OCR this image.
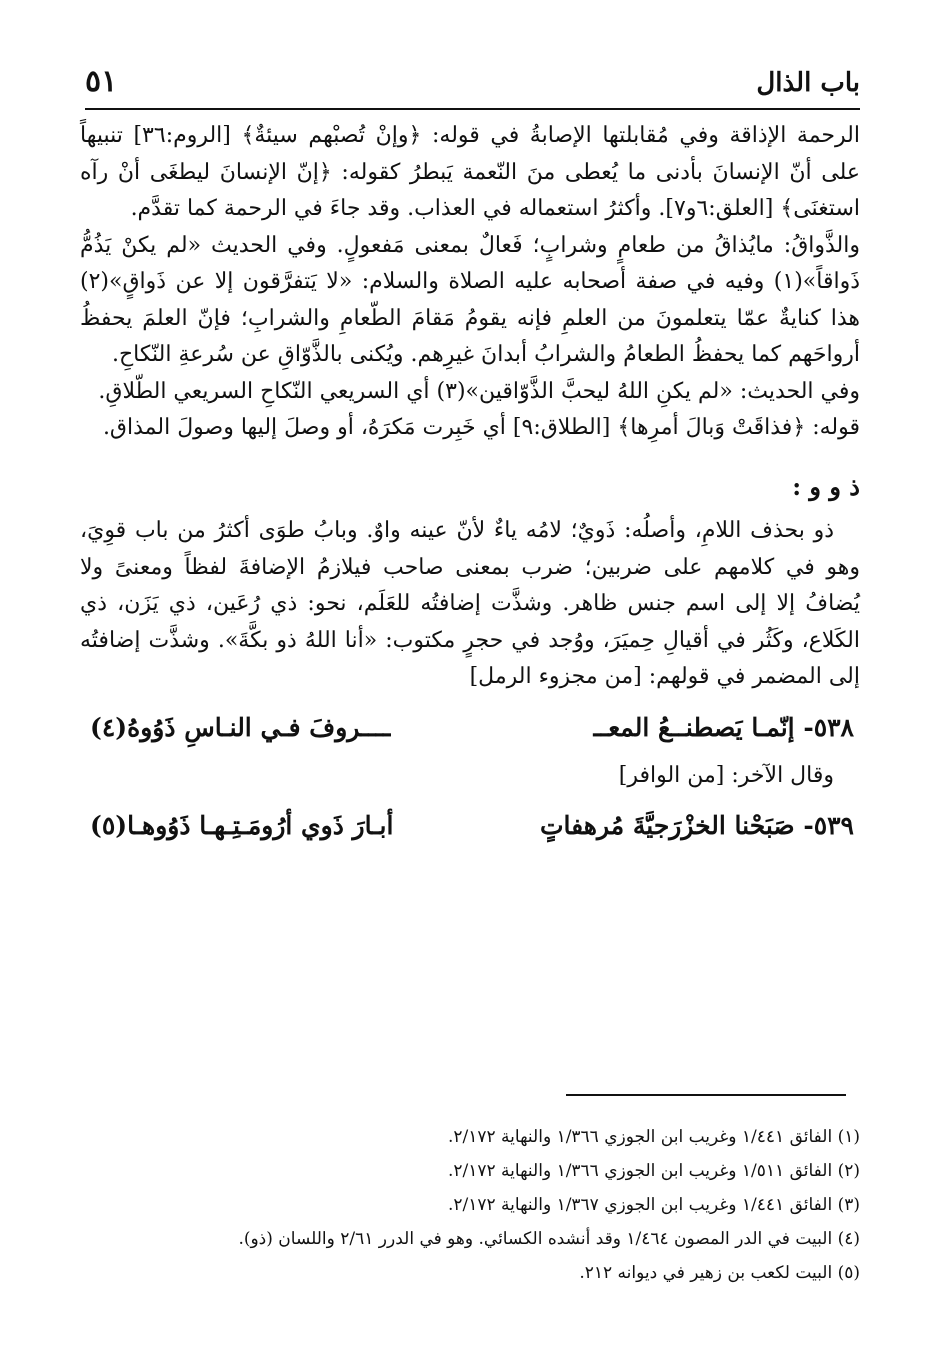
باب الذال
٥١

الرحمة الإذاقة وفي مُقابلتها الإصابةُ في قوله: ﴿وإنْ تُصبْهم سيئةٌ﴾ [الروم:٣٦] تنبيهاً على أنّ الإنسانَ بأدنى ما يُعطى منَ النّعمة يَبطرُ كقوله: ﴿إنّ الإنسانَ ليطغَى أنْ رآه استغنَى﴾ [العلق:٦و٧]. وأكثرُ استعماله في العذاب. وقد جاءَ في الرحمة كما تقدَّم.

والذَّواقُ: مايُذاقُ من طعامٍ وشرابٍ؛ فَعالٌ بمعنى مَفعولٍ. وفي الحديث «لم يكنْ يَذُمُّ ذَواقاً»(١) وفيه في صفة أصحابه عليه الصلاة والسلام: «لا يَتفرَّقون إلا عن ذَواقٍ»(٢) هذا كنايةٌ عمّا يتعلمونَ من العلمِ فإنه يقومُ مَقامَ الطّعامِ والشرابِ؛ فإنّ العلمَ يحفظُ أرواحَهم كما يحفظُ الطعامُ والشرابُ أبدانَ غيرِهم. ويُكنى بالذَّوّاقِ عن سُرعةِ النّكاحِ.

وفي الحديث: «لم يكنِ اللهُ ليحبَّ الذَّوّاقين»(٣) أي السريعي النّكاحِ السريعي الطّلاقِ.

قوله: ﴿فذاقَتْ وَبالَ أمرِها﴾ [الطلاق:٩] أي خَبِرت مَكرَهُ، أو وصلَ إليها وصولَ المذاق.

ذ و و :

ذو بحذف اللامِ، وأصلُه: ذَويٌ؛ لامُه ياءٌ لأنّ عينه واوٌ. وبابُ طوَى أكثرُ من باب قوِيَ، وهو في كلامهم على ضربين؛ ضرب بمعنى صاحب فيلازمُ الإضافةَ لفظاً ومعنىً ولا يُضافُ إلا إلى اسم جنس ظاهر. وشذَّت إضافتُه للعَلَم، نحو: ذي رُعَين، ذي يَزَن، ذي الكَلاع، وكَثُر في أقيالِ حِميَرَ، ووُجد في حجرٍ مكتوب: «أنا اللهُ ذو بكَّةَ». وشذَّت إضافتُه إلى المضمر في قولهم: [من مجزوء الرمل]

٥٣٨- إنّمـا يَصطنــعُ المعــ
ــــروفَ فـي النـاسِ ذَوُوهُ(٤)

وقال الآخر: [من الوافر]

٥٣٩- صَبَحْنا الخزْرَجيَّةَ مُرهفاتٍ
أبـارَ ذَوي أرُومَـتِـهـا ذَوُوهـا(٥)
(١) الفائق ١/٤٤١ وغريب ابن الجوزي ١/٣٦٦ والنهاية ٢/١٧٢.
(٢) الفائق ١/٥١١ وغريب ابن الجوزي ١/٣٦٦ والنهاية ٢/١٧٢.
(٣) الفائق ١/٤٤١ وغريب ابن الجوزي ١/٣٦٧ والنهاية ٢/١٧٢.
(٤) البيت في الدر المصون ١/٤٦٤ وقد أنشده الكسائي. وهو في الدرر ٢/٦١ واللسان (ذو).
(٥) البيت لكعب بن زهير في ديوانه ٢١٢.
